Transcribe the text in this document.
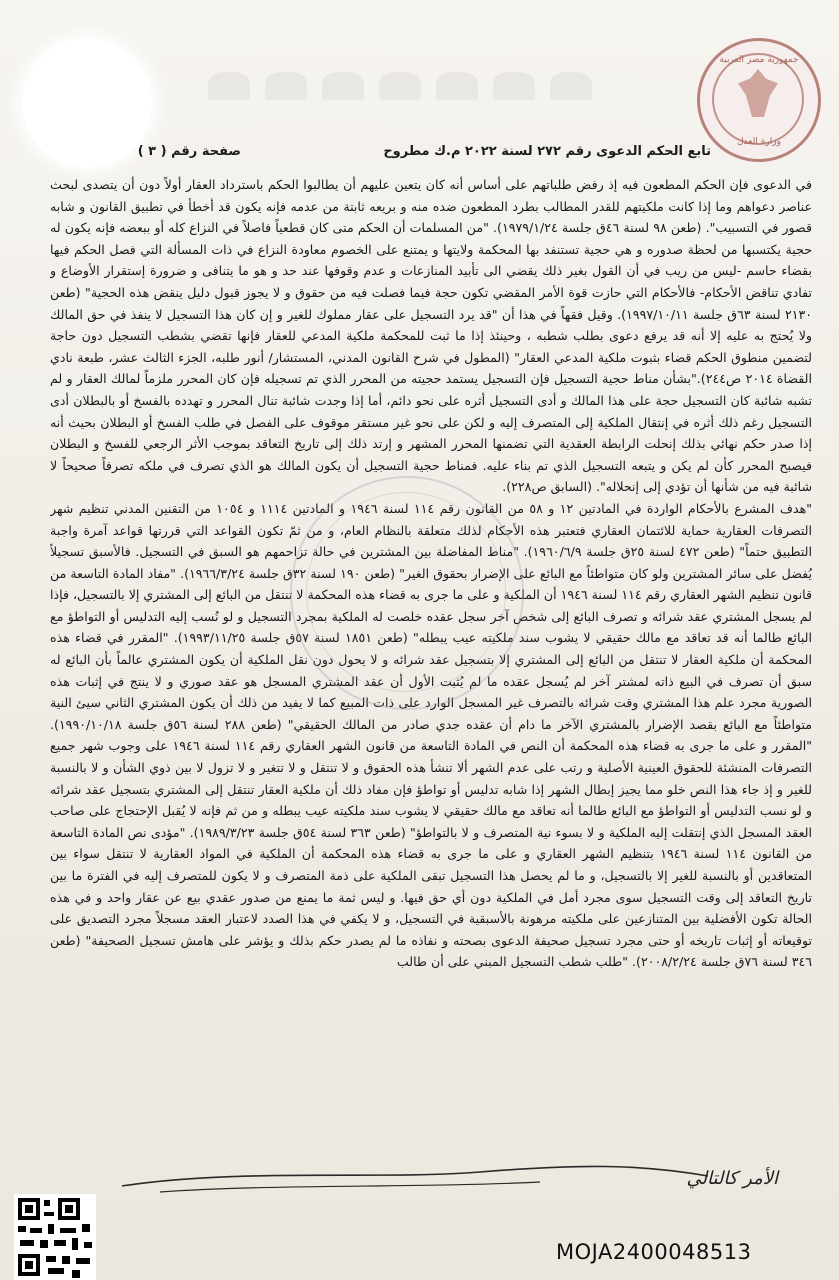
جمهورية مصر العربية
وزارة العدل
تابع الحكم الدعوى رقم ٢٧٢ لسنة ٢٠٢٢ م.ك مطروح
صفحة رقم ( ٣ )

في الدعوى فإن الحكم المطعون فيه إذ رفض طلباتهم على أساس أنه كان يتعين عليهم أن يطالبوا الحكم باسترداد العقار أولاً دون أن يتصدى لبحث عناصر دعواهم وما إذا كانت ملكيتهم للقدر المطالب بطرد المطعون ضده منه و بريعه ثابتة من عدمه فإنه يكون قد أخطأ في تطبيق القانون و شابه قصور في التسبيب". (طعن ٩٨ لسنة ٤٦ق جلسة ١٩٧٩/١/٢٤). "من المسلمات أن الحكم متى كان قطعياً فاصلاً في النزاع كله أو ببعضه فإنه يكون له حجية يكتسبها من لحظة صدوره و هي حجية تستنفد بها المحكمة ولايتها و يمتنع على الخصوم معاودة النزاع في ذات المسألة التي فصل الحكم فيها بقضاء حاسم -ليس من ريب في أن القول بغير ذلك يقضي الى تأبيد المنازعات و عدم وقوفها عند حد و هو ما يتنافى و ضرورة إستقرار الأوضاع و تفادي تناقض الأحكام- فالأحكام التي حازت قوة الأمر المقضي تكون حجة فيما فصلت فيه من حقوق و لا يجوز قبول دليل ينقض هذه الحجية" (طعن ٢١٣٠ لسنة ٦٣ق جلسة ١٩٩٧/١٠/١١). وقيل فقهاً في هذا أن "قد يرد التسجيل على عقار مملوك للغير و إن كان هذا التسجيل لا ينفذ في حق المالك ولا يُحتج به عليه إلا أنه قد يرفع دعوى بطلب شطبه ، وحينئذ إذا ما ثبت للمحكمة ملكية المدعي للعقار فإنها تقضي بشطب التسجيل دون حاجة لتضمين منطوق الحكم قضاء بثبوت ملكية المدعي العقار" (المطول في شرح القانون المدني، المستشار/ أنور طلبه، الجزء الثالث عشر، طبعة نادي القضاة ٢٠١٤ ص٢٤٤)."بشأن مناط حجية التسجيل فإن التسجيل يستمد حجيته من المحرر الذي تم تسجيله فإن كان المحرر ملزماً لمالك العقار و لم تشبه شائبة كان التسجيل حجة على هذا المالك و أدى التسجيل أثره على نحو دائم، أما إذا وجدت شائبة تنال المحرر و تهدده بالفسخ أو بالبطلان أدى التسجيل رغم ذلك أثره في إنتقال الملكية إلى المتصرف إليه و لكن على نحو غير مستقر موقوف على الفصل في طلب الفسخ أو البطلان بحيث أنه إذا صدر حكم نهائي بذلك إنحلت الرابطة العقدية التي تضمنها المحرر المشهر و إرتد ذلك إلى تاريخ التعاقد بموجب الأثر الرجعي للفسخ و البطلان فيصبح المحرر كأن لم يكن و يتبعه التسجيل الذي تم بناء عليه. فمناط حجية التسجيل أن يكون المالك هو الذي تصرف في ملكه تصرفاً صحيحاً لا شائبة فيه من شأنها أن تؤدي إلى إنحلاله". (السابق ص٢٢٨).

"هدف المشرع بالأحكام الواردة في المادتين ١٢ و ٥٨ من القانون رقم ١١٤ لسنة ١٩٤٦ و المادتين ١١١٤ و ١٠٥٤ من التقنين المدني تنظيم شهر التصرفات العقارية حماية للائتمان العقاري فتعتبر هذه الأحكام لذلك متعلقة بالنظام العام، و من ثمّ تكون القواعد التي قررتها قواعد آمرة واجبة التطبيق حتماً" (طعن ٤٧٢ لسنة ٢٥ق جلسة ١٩٦٠/٦/٩). "مناط المفاضلة بين المشترين في حالة تزاحمهم هو السبق في التسجيل. فالأسبق تسجيلاً يُفضل على سائر المشترين ولو كان متواطئاً مع البائع على الإضرار بحقوق الغير" (طعن ١٩٠ لسنة ٣٢ق جلسة ١٩٦٦/٣/٢٤). "مفاد المادة التاسعة من قانون تنظيم الشهر العقاري رقم ١١٤ لسنة ١٩٤٦ أن الملكية و على ما جرى به قضاء هذه المحكمة لا تنتقل من البائع إلى المشتري إلا بالتسجيل، فإذا لم يسجل المشتري عقد شرائه و تصرف البائع إلى شخص آخر سجل عقده خلصت له الملكية بمجرد التسجيل و لو نُسب إليه التدليس أو التواطؤ مع البائع طالما أنه قد تعاقد مع مالك حقيقي لا يشوب سند ملكيته عيب يبطله" (طعن ١٨٥١ لسنة ٥٧ق جلسة ١٩٩٣/١١/٢٥). "المقرر في قضاء هذه المحكمة أن ملكية العقار لا تنتقل من البائع إلى المشتري إلا بتسجيل عقد شرائه و لا يحول دون نقل الملكية أن يكون المشتري عالماً بأن البائع له سبق أن تصرف في البيع ذاته لمشتر آخر لم يُسجل عقده ما لم يُثبت الأول أن عقد المشتري المسجل هو عقد صوري و لا ينتج في إثبات هذه الصورية مجرد علم هذا المشتري وقت شرائه بالتصرف غير المسجل الوارد على ذات المبيع كما لا يفيد من ذلك أن يكون المشتري الثاني سيئ النية متواطئاً مع البائع بقصد الإضرار بالمشتري الآخر ما دام أن عقده جدي صادر من المالك الحقيقي" (طعن ٢٨٨ لسنة ٥٦ق جلسة ١٩٩٠/١٠/١٨). "المقرر و على ما جرى به قضاء هذه المحكمة أن النص في المادة التاسعة من قانون الشهر العقاري رقم ١١٤ لسنة ١٩٤٦ على وجوب شهر جميع التصرفات المنشئة للحقوق العينية الأصلية و رتب على عدم الشهر ألا تنشأ هذه الحقوق و لا تنتقل و لا تتغير و لا تزول لا بين ذوي الشأن و لا بالنسبة للغير و إذ جاء هذا النص خلو مما يجيز إبطال الشهر إذا شابه تدليس أو تواطؤ فإن مفاد ذلك أن ملكية العقار تنتقل إلى المشتري بتسجيل عقد شرائه و لو نسب التدليس أو التواطؤ مع البائع طالما أنه تعاقد مع مالك حقيقي لا يشوب سند ملكيته عيب يبطله و من ثم فإنه لا يُقبل الإحتجاج على صاحب العقد المسجل الذي إنتقلت إليه الملكية و لا بسوء نية المتصرف و لا بالتواطؤ" (طعن ٣٦٣ لسنة ٥٤ق جلسة ١٩٨٩/٣/٢٣). "مؤدى نص المادة التاسعة من القانون ١١٤ لسنة ١٩٤٦ بتنظيم الشهر العقاري و على ما جرى به قضاء هذه المحكمة أن الملكية في المواد العقارية لا تنتقل سواء بين المتعاقدين أو بالنسبة للغير إلا بالتسجيل، و ما لم يحصل هذا التسجيل تبقى الملكية على ذمة المتصرف و لا يكون للمتصرف إليه في الفترة ما بين تاريخ التعاقد إلى وقت التسجيل سوى مجرد أمل في الملكية دون أي حق فيها. و ليس ثمة ما يمنع من صدور عقدي بيع عن عقار واحد و في هذه الحالة تكون الأفضلية بين المتنازعين على ملكيته مرهونة بالأسبقية في التسجيل، و لا يكفي في هذا الصدد لاعتبار العقد مسجلاً مجرد التصديق على توقيعاته أو إثبات تاريخه أو حتى مجرد تسجيل صحيفة الدعوى بصحته و نفاذه ما لم يصدر حكم بذلك و يؤشر على هامش تسجيل الصحيفة" (طعن ٣٤٦ لسنة ٧٦ق جلسة ٢٠٠٨/٢/٢٤). "طلب شطب التسجيل المبني على أن طالب

الأمر كالتالي
MOJA2400048513
